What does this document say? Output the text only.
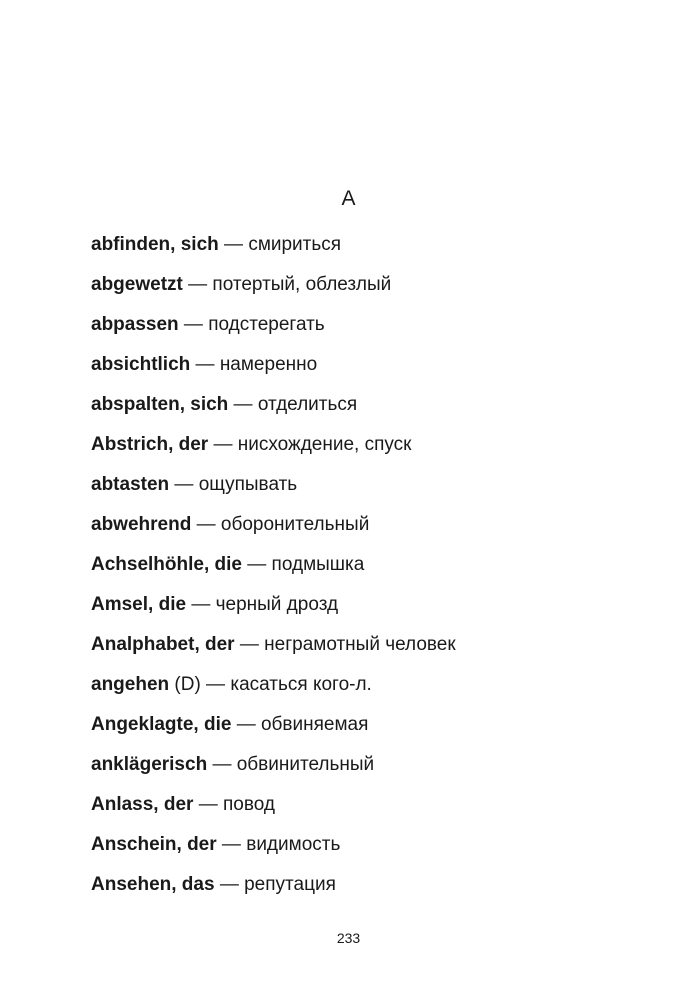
A
abfinden, sich — смириться
abgewetzt — потертый, облезлый
abpassen — подстерегать
absichtlich — намеренно
abspalten, sich — отделиться
Abstrich, der — нисхождение, спуск
abtasten — ощупывать
abwehrend — оборонительный
Achselhöhle, die — подмышка
Amsel, die — черный дрозд
Analphabet, der — неграмотный человек
angehen (D) — касаться кого-л.
Angeklagte, die — обвиняемая
anklägerisch — обвинительный
Anlass, der — повод
Anschein, der — видимость
Ansehen, das — репутация
233
